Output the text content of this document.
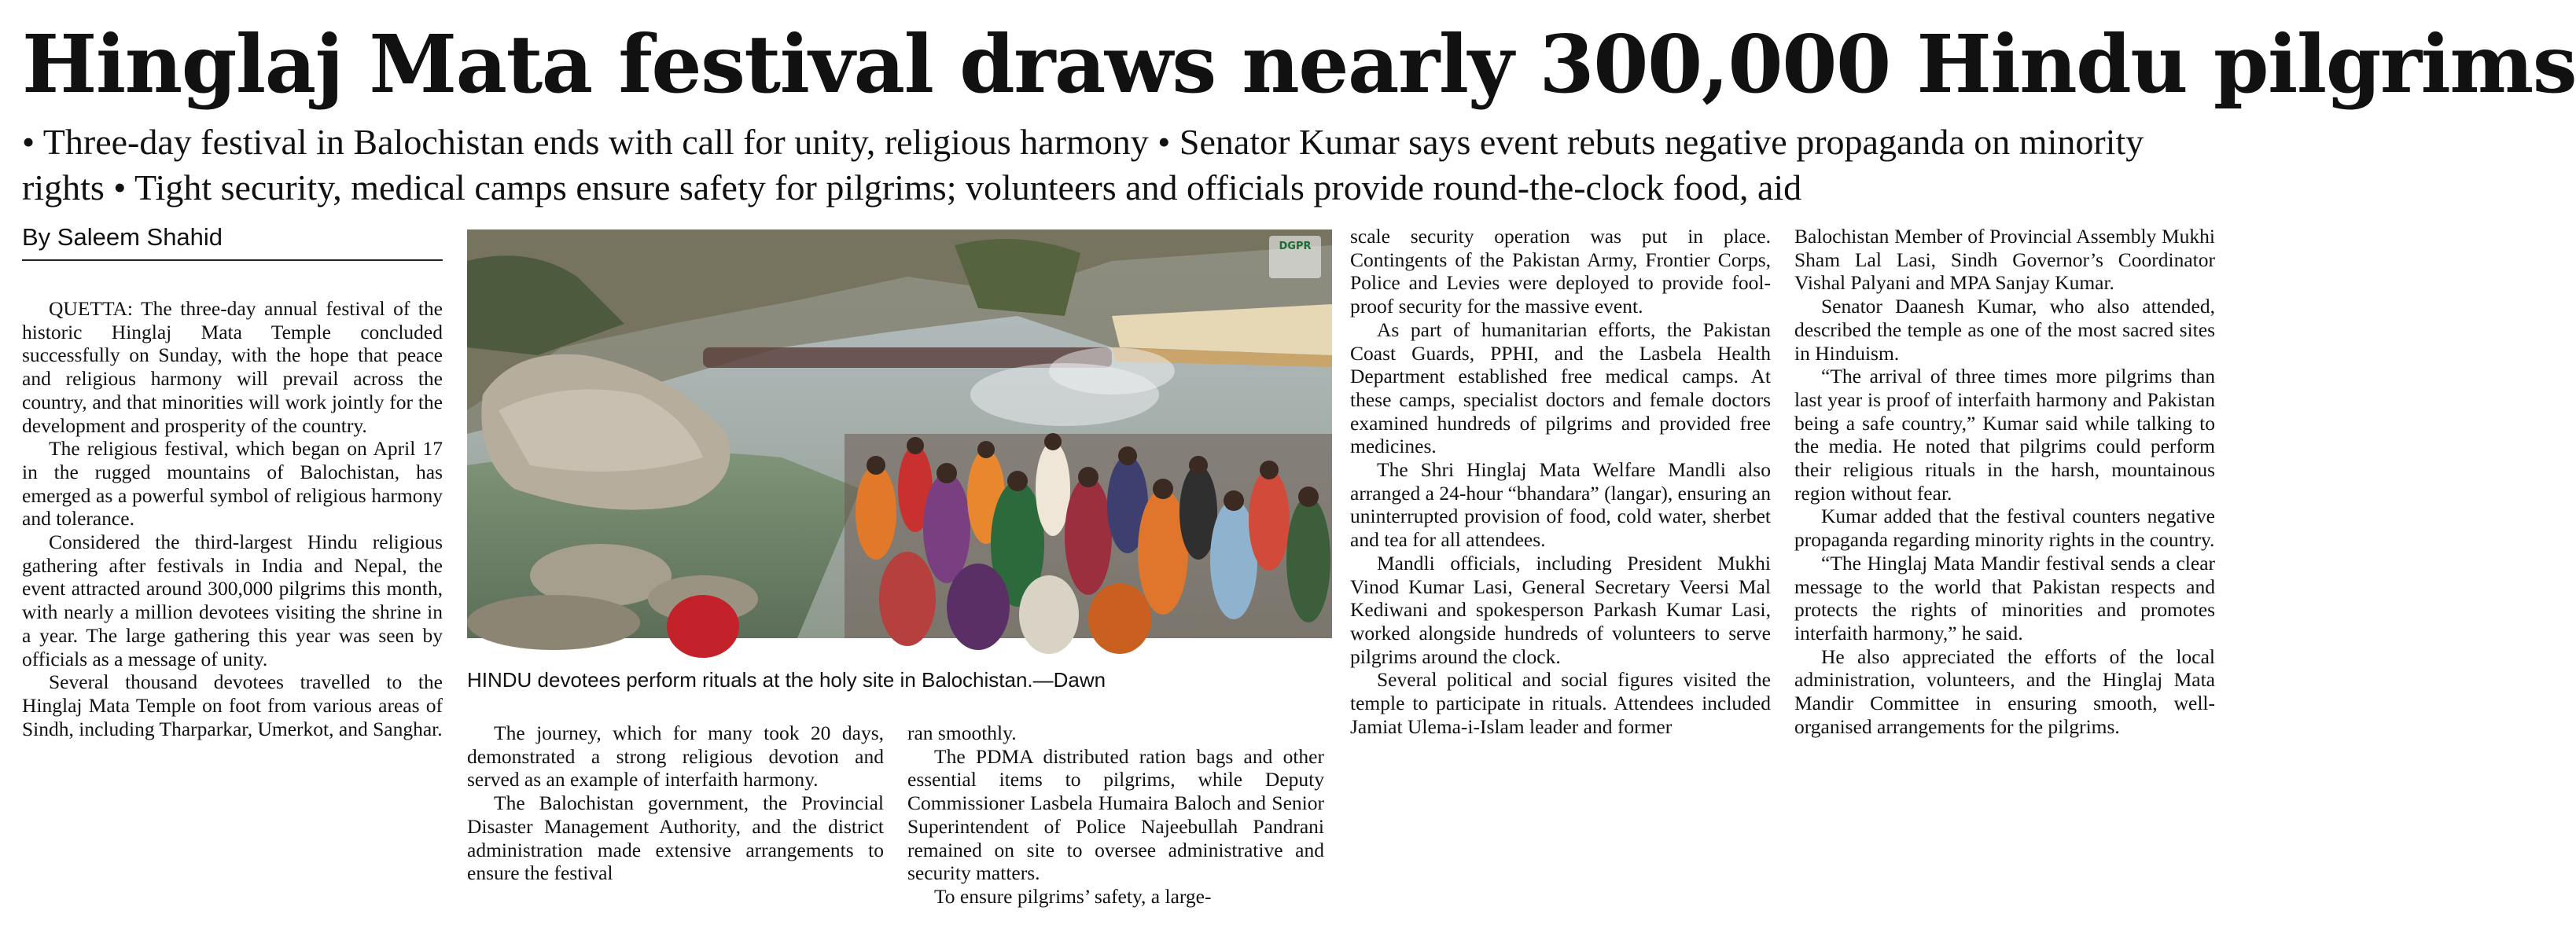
Hinglaj Mata festival draws nearly 300,000 Hindu pilgrims
• Three-day festival in Balochistan ends with call for unity, religious harmony • Senator Kumar says event rebuts negative propaganda on minority rights • Tight security, medical camps ensure safety for pilgrims; volunteers and officials provide round-the-clock food, aid
By Saleem Shahid

QUETTA: The three-day annual festival of the historic Hinglaj Mata Temple concluded successfully on Sunday, with the hope that peace and religious harmony will prevail across the country, and that minorities will work jointly for the development and prosperity of the country.

The religious festival, which began on April 17 in the rugged mountains of Balochistan, has emerged as a powerful symbol of religious harmony and tolerance.

Considered the third-largest Hindu religious gathering after festivals in India and Nepal, the event attracted around 300,000 pilgrims this month, with nearly a million devotees visiting the shrine in a year. The large gathering this year was seen by officials as a message of unity.

Several thousand devotees travelled to the Hinglaj Mata Temple on foot from various areas of Sindh, including Tharparkar, Umerkot, and Sanghar.

DGPR
HINDU devotees perform rituals at the holy site in Balochistan.—Dawn

The journey, which for many took 20 days, demonstrated a strong religious devotion and served as an example of interfaith harmony.

The Balochistan government, the Provincial Disaster Management Authority, and the district administration made extensive arrangements to ensure the festival

ran smoothly.

The PDMA distributed ration bags and other essential items to pilgrims, while Deputy Commissioner Lasbela Humaira Baloch and Senior Superintendent of Police Najeebullah Pandrani remained on site to oversee administrative and security matters.

To ensure pilgrims’ safety, a large-

scale security operation was put in place. Contingents of the Pakistan Army, Frontier Corps, Police and Levies were deployed to provide fool-proof security for the massive event.

As part of humanitarian efforts, the Pakistan Coast Guards, PPHI, and the Lasbela Health Department established free medical camps. At these camps, specialist doctors and female doctors examined hundreds of pilgrims and provided free medicines.

The Shri Hinglaj Mata Welfare Mandli also arranged a 24-hour “bhandara” (langar), ensuring an uninterrupted provision of food, cold water, sherbet and tea for all attendees.

Mandli officials, including President Mukhi Vinod Kumar Lasi, General Secretary Veersi Mal Kediwani and spokesperson Parkash Kumar Lasi, worked alongside hundreds of volunteers to serve pilgrims around the clock.

Several political and social figures visited the temple to participate in rituals. Attendees included Jamiat Ulema-i-Islam leader and former

Balochistan Member of Provincial Assembly Mukhi Sham Lal Lasi, Sindh Governor’s Coordinator Vishal Palyani and MPA Sanjay Kumar.

Senator Daanesh Kumar, who also attended, described the temple as one of the most sacred sites in Hinduism.

“The arrival of three times more pilgrims than last year is proof of interfaith harmony and Pakistan being a safe country,” Kumar said while talking to the media. He noted that pilgrims could perform their religious rituals in the harsh, mountainous region without fear.

Kumar added that the festival counters negative propaganda regarding minority rights in the country.

“The Hinglaj Mata Mandir festival sends a clear message to the world that Pakistan respects and protects the rights of minorities and promotes interfaith harmony,” he said.

He also appreciated the efforts of the local administration, volunteers, and the Hinglaj Mata Mandir Committee in ensuring smooth, well-organised arrangements for the pilgrims.
